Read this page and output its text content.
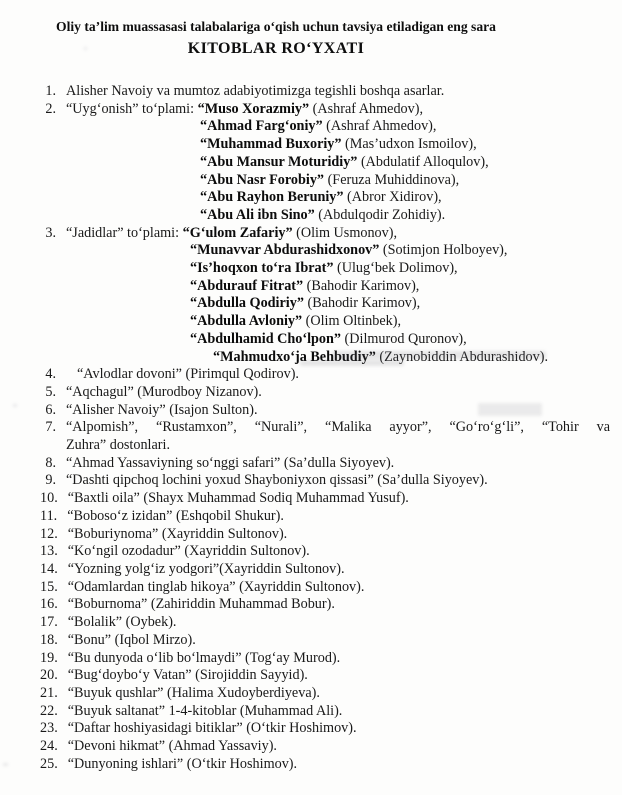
Oliy ta’lim muassasasi talabalariga o‘qish uchun tavsiya etiladigan eng sara
KITOBLAR RO‘YXATI
1. Alisher Navoiy va mumtoz adabiyotimizga tegishli boshqa asarlar.
2. “Uyg‘onish” to‘plami: “Muso Xorazmiy” (Ashraf Ahmedov),
“Ahmad Farg‘oniy” (Ashraf Ahmedov),
“Muhammad Buxoriy” (Mas’udxon Ismoilov),
“Abu Mansur Moturidiy” (Abdulatif Alloqulov),
“Abu Nasr Forobiy” (Feruza Muhiddinova),
“Abu Rayhon Beruniy” (Abror Xidirov),
“Abu Ali ibn Sino” (Abdulqodir Zohidiy).
3. “Jadidlar” to‘plami: “G‘ulom Zafariy” (Olim Usmonov),
“Munavvar Abdurashidxonov” (Sotimjon Holboyev),
“Is’hoqxon to‘ra Ibrat” (Ulug‘bek Dolimov),
“Abdurauf Fitrat” (Bahodir Karimov),
“Abdulla Qodiriy” (Bahodir Karimov),
“Abdulla Avloniy” (Olim Oltinbek),
“Abdulhamid Cho‘lpon” (Dilmurod Quronov),
“Mahmudxo‘ja Behbudiy” (Zaynobiddin Abdurashidov).
4.	“Avlodlar dovoni” (Pirimqul Qodirov).
5. “Aqchagul” (Murodboy Nizanov).
6. “Alisher Navoiy” (Isajon Sulton).
7. “Alpomish”, “Rustamxon”, “Nurali”, “Malika ayyor”, “Go‘ro‘g‘li”, “Tohir va
Zuhra” dostonlari.
8. “Ahmad Yassaviyning so‘nggi safari” (Sa’dulla Siyoyev).
9. “Dashti qipchoq lochini yoxud Shayboniyxon qissasi” (Sa’dulla Siyoyev).
10. “Baxtli oila” (Shayx Muhammad Sodiq Muhammad Yusuf).
11. “Boboso‘z izidan” (Eshqobil Shukur).
12. “Boburiynoma” (Xayriddin Sultonov).
13. “Ko‘ngil ozodadur” (Xayriddin Sultonov).
14. “Yozning yolg‘iz yodgori”(Xayriddin Sultonov).
15. “Odamlardan tinglab hikoya” (Xayriddin Sultonov).
16. “Boburnoma” (Zahiriddin Muhammad Bobur).
17. “Bolalik” (Oybek).
18. “Bonu” (Iqbol Mirzo).
19. “Bu dunyoda o‘lib bo‘lmaydi” (Tog‘ay Murod).
20. “Bug‘doybo‘y Vatan” (Sirojiddin Sayyid).
21. “Buyuk qushlar” (Halima Xudoyberdiyeva).
22. “Buyuk saltanat” 1-4-kitoblar (Muhammad Ali).
23. “Daftar hoshiyasidagi bitiklar” (O‘tkir Hoshimov).
24. “Devoni hikmat” (Ahmad Yassaviy).
25. “Dunyoning ishlari” (O‘tkir Hoshimov).
